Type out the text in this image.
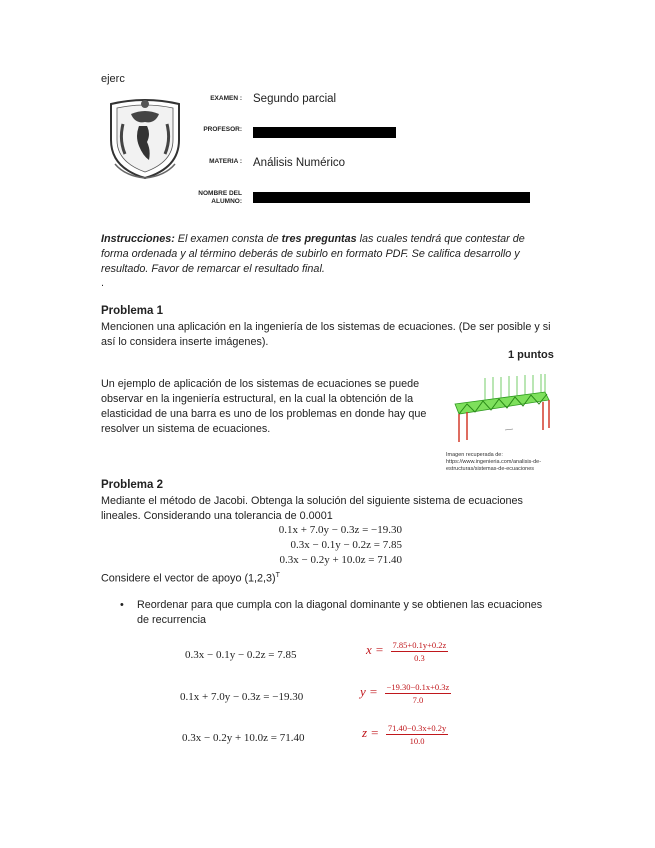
ejerc
EXAMEN : Segundo parcial
PROFESOR:
MATERIA : Análisis Numérico
NOMBRE DEL
ALUMNO:
Instrucciones: El examen consta de tres preguntas las cuales tendrá que contestar de forma ordenada y al término deberás de subirlo en formato PDF. Se califica desarrollo y resultado. Favor de remarcar el resultado final.
.
Problema 1
Mencionen una aplicación en la ingeniería de los sistemas de ecuaciones. (De ser posible y si así lo considera inserte imágenes).
1 puntos
Un ejemplo de aplicación de los sistemas de ecuaciones se puede observar en la ingeniería estructural, en la cual la obtención de la elasticidad de una barra es uno de los problemas en donde hay que resolver un sistema de ecuaciones.
Imagen recuperada de: https://www.ingenieria.com/analisis-de-estructuras/sistemas-de-ecuaciones
Problema 2
Mediante el método de Jacobi. Obtenga la solución del siguiente sistema de ecuaciones lineales. Considerando una tolerancia de 0.0001
0.1x + 7.0y − 0.3z = −19.30
0.3x − 0.1y − 0.2z = 7.85
0.3x − 0.2y + 10.0z = 71.40
Considere el vector de apoyo $(1,2,3)^T$
• Reordenar para que cumpla con la diagonal dominante y se obtienen las ecuaciones de recurrencia
0.3x − 0.1y − 0.2z = 7.85
0.1x + 7.0y − 0.3z = −19.30
0.3x − 0.2y + 10.0z = 71.40
$x = \frac{7.85+0.1y+0.2z}{0.3}$
$y = \frac{-19.30-0.1x+0.3z}{7.0}$
$z = \frac{71.40-0.3x+0.2y}{10.0}$
